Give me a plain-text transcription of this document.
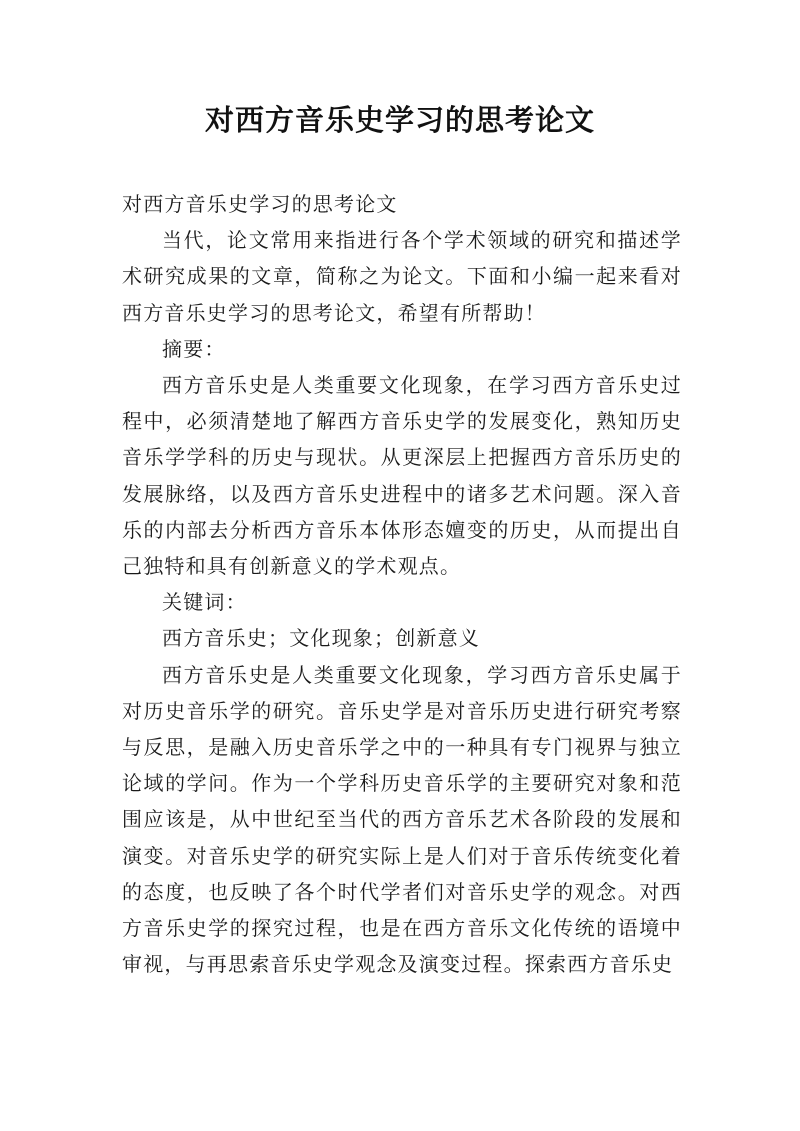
对西方音乐史学习的思考论文

对西方音乐史学习的思考论文

当代，论文常用来指进行各个学术领域的研究和描述学术研究成果的文章，简称之为论文。下面和小编一起来看对西方音乐史学习的思考论文，希望有所帮助！

摘要：

西方音乐史是人类重要文化现象，在学习西方音乐史过程中，必须清楚地了解西方音乐史学的发展变化，熟知历史音乐学学科的历史与现状。从更深层上把握西方音乐历史的发展脉络，以及西方音乐史进程中的诸多艺术问题。深入音乐的内部去分析西方音乐本体形态嬗变的历史，从而提出自己独特和具有创新意义的学术观点。

关键词：

西方音乐史；文化现象；创新意义

西方音乐史是人类重要文化现象，学习西方音乐史属于对历史音乐学的研究。音乐史学是对音乐历史进行研究考察与反思，是融入历史音乐学之中的一种具有专门视界与独立论域的学问。作为一个学科历史音乐学的主要研究对象和范围应该是，从中世纪至当代的西方音乐艺术各阶段的发展和演变。对音乐史学的研究实际上是人们对于音乐传统变化着的态度，也反映了各个时代学者们对音乐史学的观念。对西方音乐史学的探究过程，也是在西方音乐文化传统的语境中审视，与再思索音乐史学观念及演变过程。探索西方音乐史
